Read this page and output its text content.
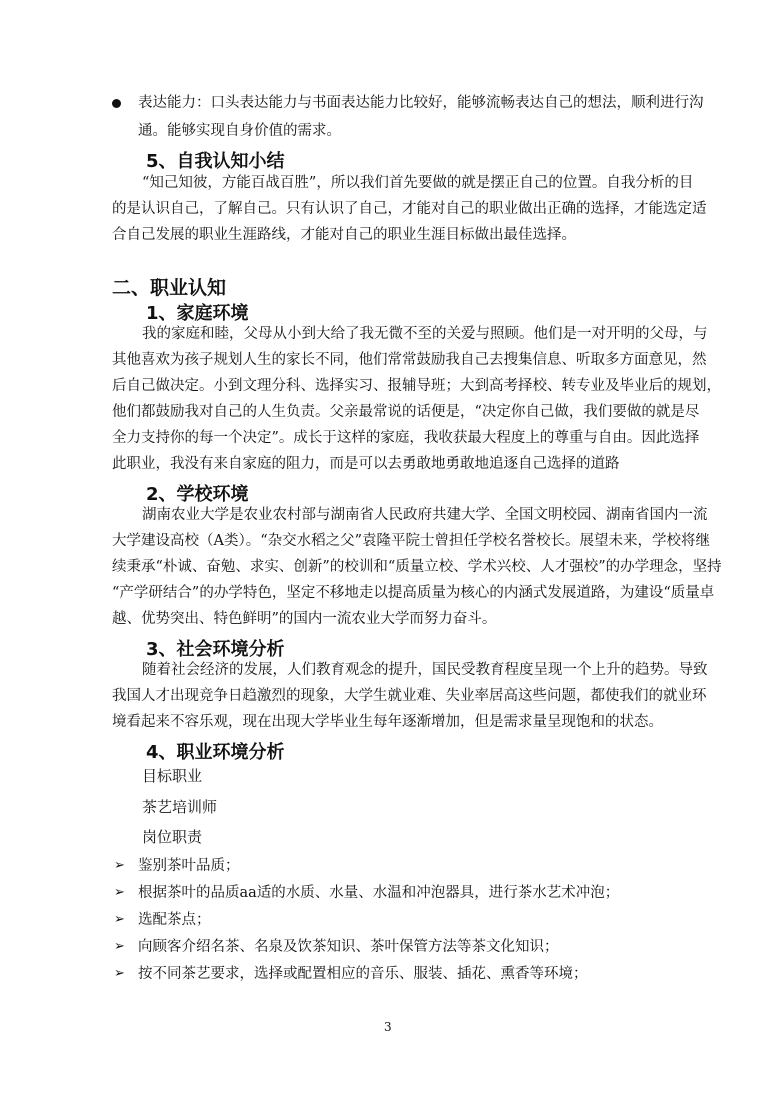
表达能力：口头表达能力与书面表达能力比较好，能够流畅表达自己的想法，顺利进行沟
通。能够实现自身价值的需求。
5、自我认知小结
“知己知彼，方能百战百胜”，所以我们首先要做的就是摆正自己的位置。自我分析的目
的是认识自己，了解自己。只有认识了自己，才能对自己的职业做出正确的选择，才能选定适
合自己发展的职业生涯路线，才能对自己的职业生涯目标做出最佳选择。
二、职业认知
1、家庭环境
我的家庭和睦，父母从小到大给了我无微不至的关爱与照顾。他们是一对开明的父母，与
其他喜欢为孩子规划人生的家长不同，他们常常鼓励我自己去搜集信息、听取多方面意见，然
后自己做决定。小到文理分科、选择实习、报辅导班；大到高考择校、转专业及毕业后的规划，
他们都鼓励我对自己的人生负责。父亲最常说的话便是，“决定你自己做，我们要做的就是尽
全力支持你的每一个决定”。成长于这样的家庭，我收获最大程度上的尊重与自由。因此选择
此职业，我没有来自家庭的阻力，而是可以去勇敢地勇敢地追逐自己选择的道路
2、学校环境
湖南农业大学是农业农村部与湖南省人民政府共建大学、全国文明校园、湖南省国内一流
大学建设高校（A类）。“杂交水稻之父”袁隆平院士曾担任学校名誉校长。展望未来，学校将继
续秉承“朴诚、奋勉、求实、创新”的校训和“质量立校、学术兴校、人才强校”的办学理念，坚持
“产学研结合”的办学特色，坚定不移地走以提高质量为核心的内涵式发展道路，为建设“质量卓
越、优势突出、特色鲜明”的国内一流农业大学而努力奋斗。
3、社会环境分析
随着社会经济的发展，人们教育观念的提升，国民受教育程度呈现一个上升的趋势。导致
我国人才出现竞争日趋激烈的现象，大学生就业难、失业率居高这些问题，都使我们的就业环
境看起来不容乐观，现在出现大学毕业生每年逐渐增加，但是需求量呈现饱和的状态。
4、职业环境分析
目标职业
茶艺培训师
岗位职责
➢ 鉴别茶叶品质；
➢ 根据茶叶的品质aa适的水质、水量、水温和冲泡器具，进行茶水艺术冲泡；
➢ 选配茶点；
➢ 向顾客介绍名茶、名泉及饮茶知识、茶叶保管方法等茶文化知识；
➢ 按不同茶艺要求，选择或配置相应的音乐、服装、插花、熏香等环境；
3
